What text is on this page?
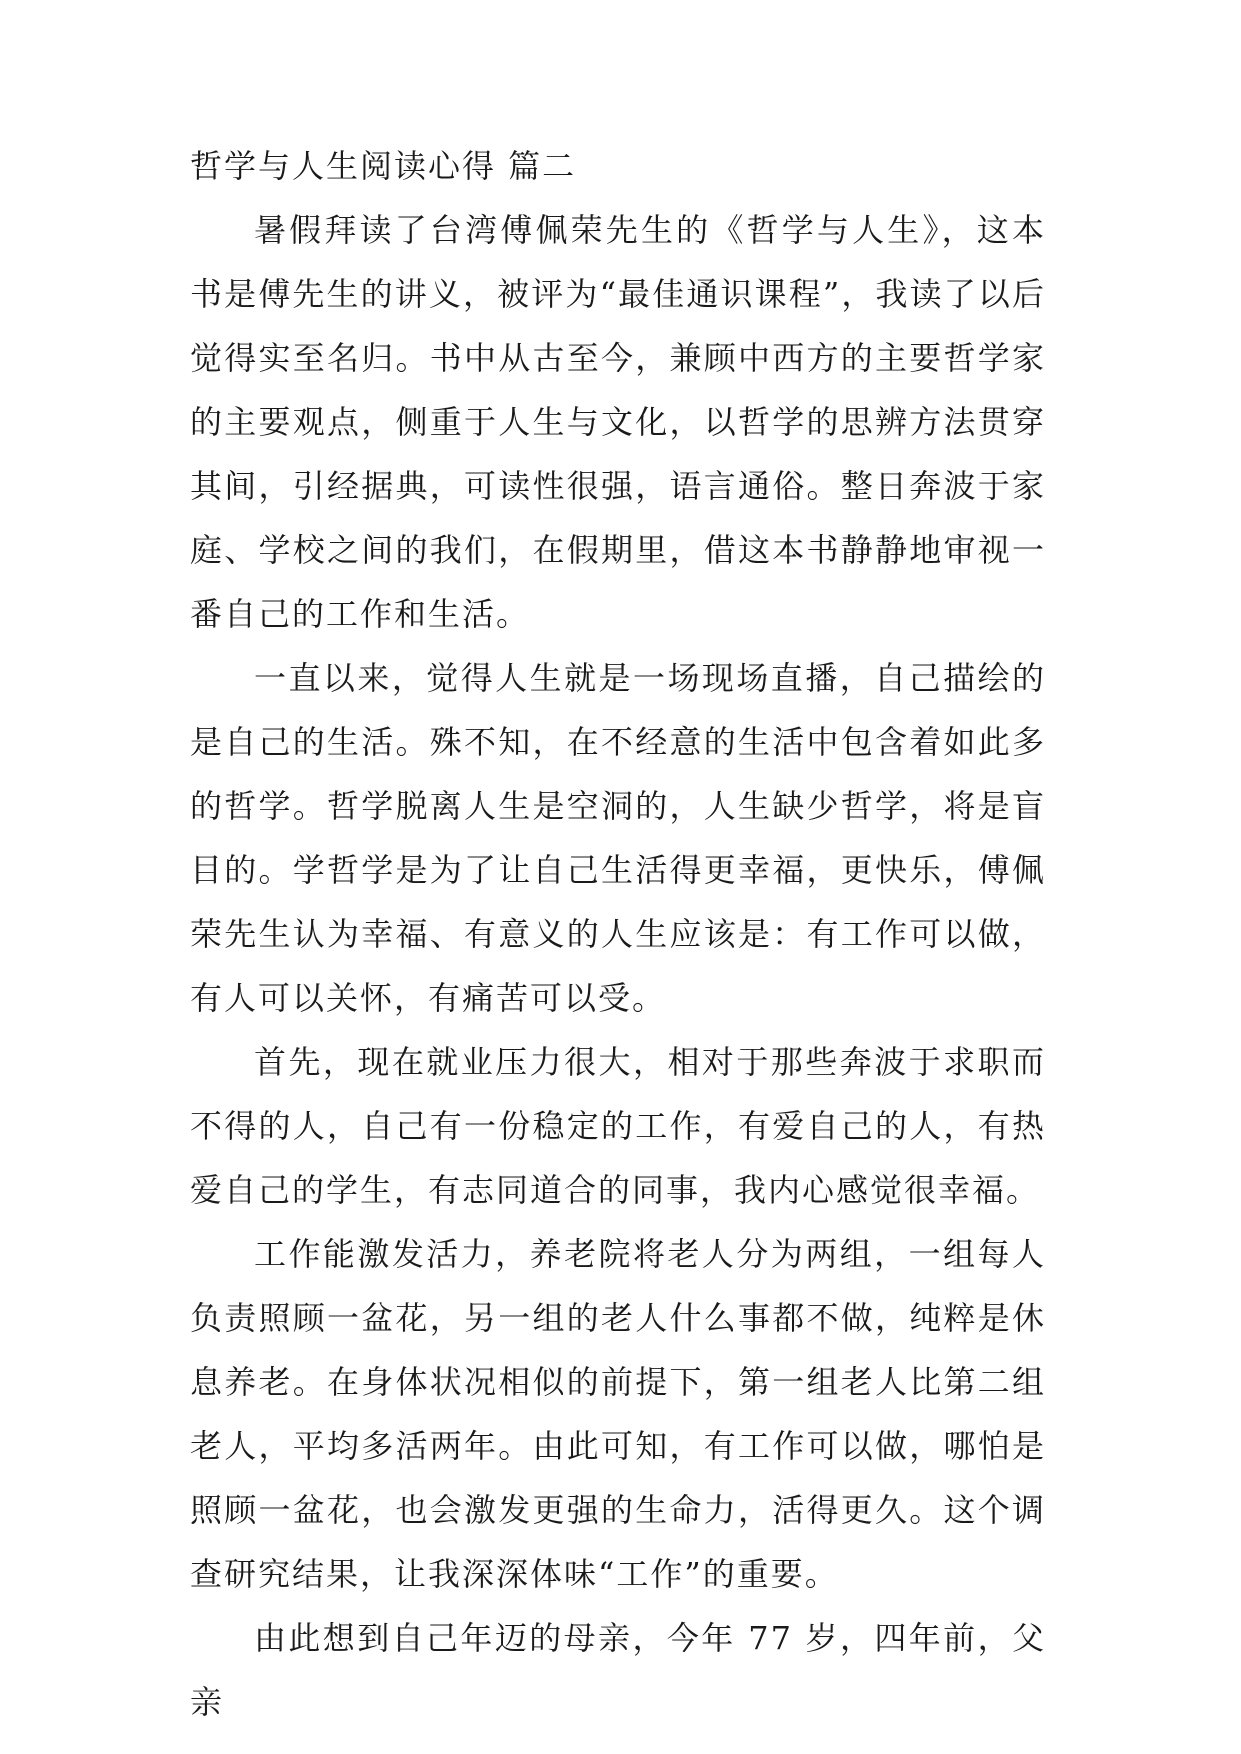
哲学与人生阅读心得 篇二

暑假拜读了台湾傅佩荣先生的《哲学与人生》，这本书是傅先生的讲义，被评为“最佳通识课程”，我读了以后觉得实至名归。书中从古至今，兼顾中西方的主要哲学家的主要观点，侧重于人生与文化，以哲学的思辨方法贯穿其间，引经据典，可读性很强，语言通俗。整日奔波于家庭、学校之间的我们，在假期里，借这本书静静地审视一番自己的工作和生活。

一直以来，觉得人生就是一场现场直播，自己描绘的是自己的生活。殊不知，在不经意的生活中包含着如此多的哲学。哲学脱离人生是空洞的，人生缺少哲学，将是盲目的。学哲学是为了让自己生活得更幸福，更快乐，傅佩荣先生认为幸福、有意义的人生应该是：有工作可以做，有人可以关怀，有痛苦可以受。

首先，现在就业压力很大，相对于那些奔波于求职而不得的人，自己有一份稳定的工作，有爱自己的人，有热爱自己的学生，有志同道合的同事，我内心感觉很幸福。

工作能激发活力，养老院将老人分为两组，一组每人负责照顾一盆花，另一组的老人什么事都不做，纯粹是休息养老。在身体状况相似的前提下，第一组老人比第二组老人，平均多活两年。由此可知，有工作可以做，哪怕是照顾一盆花，也会激发更强的生命力，活得更久。这个调查研究结果，让我深深体味“工作”的重要。

由此想到自己年迈的母亲，今年 77 岁，四年前，父亲
